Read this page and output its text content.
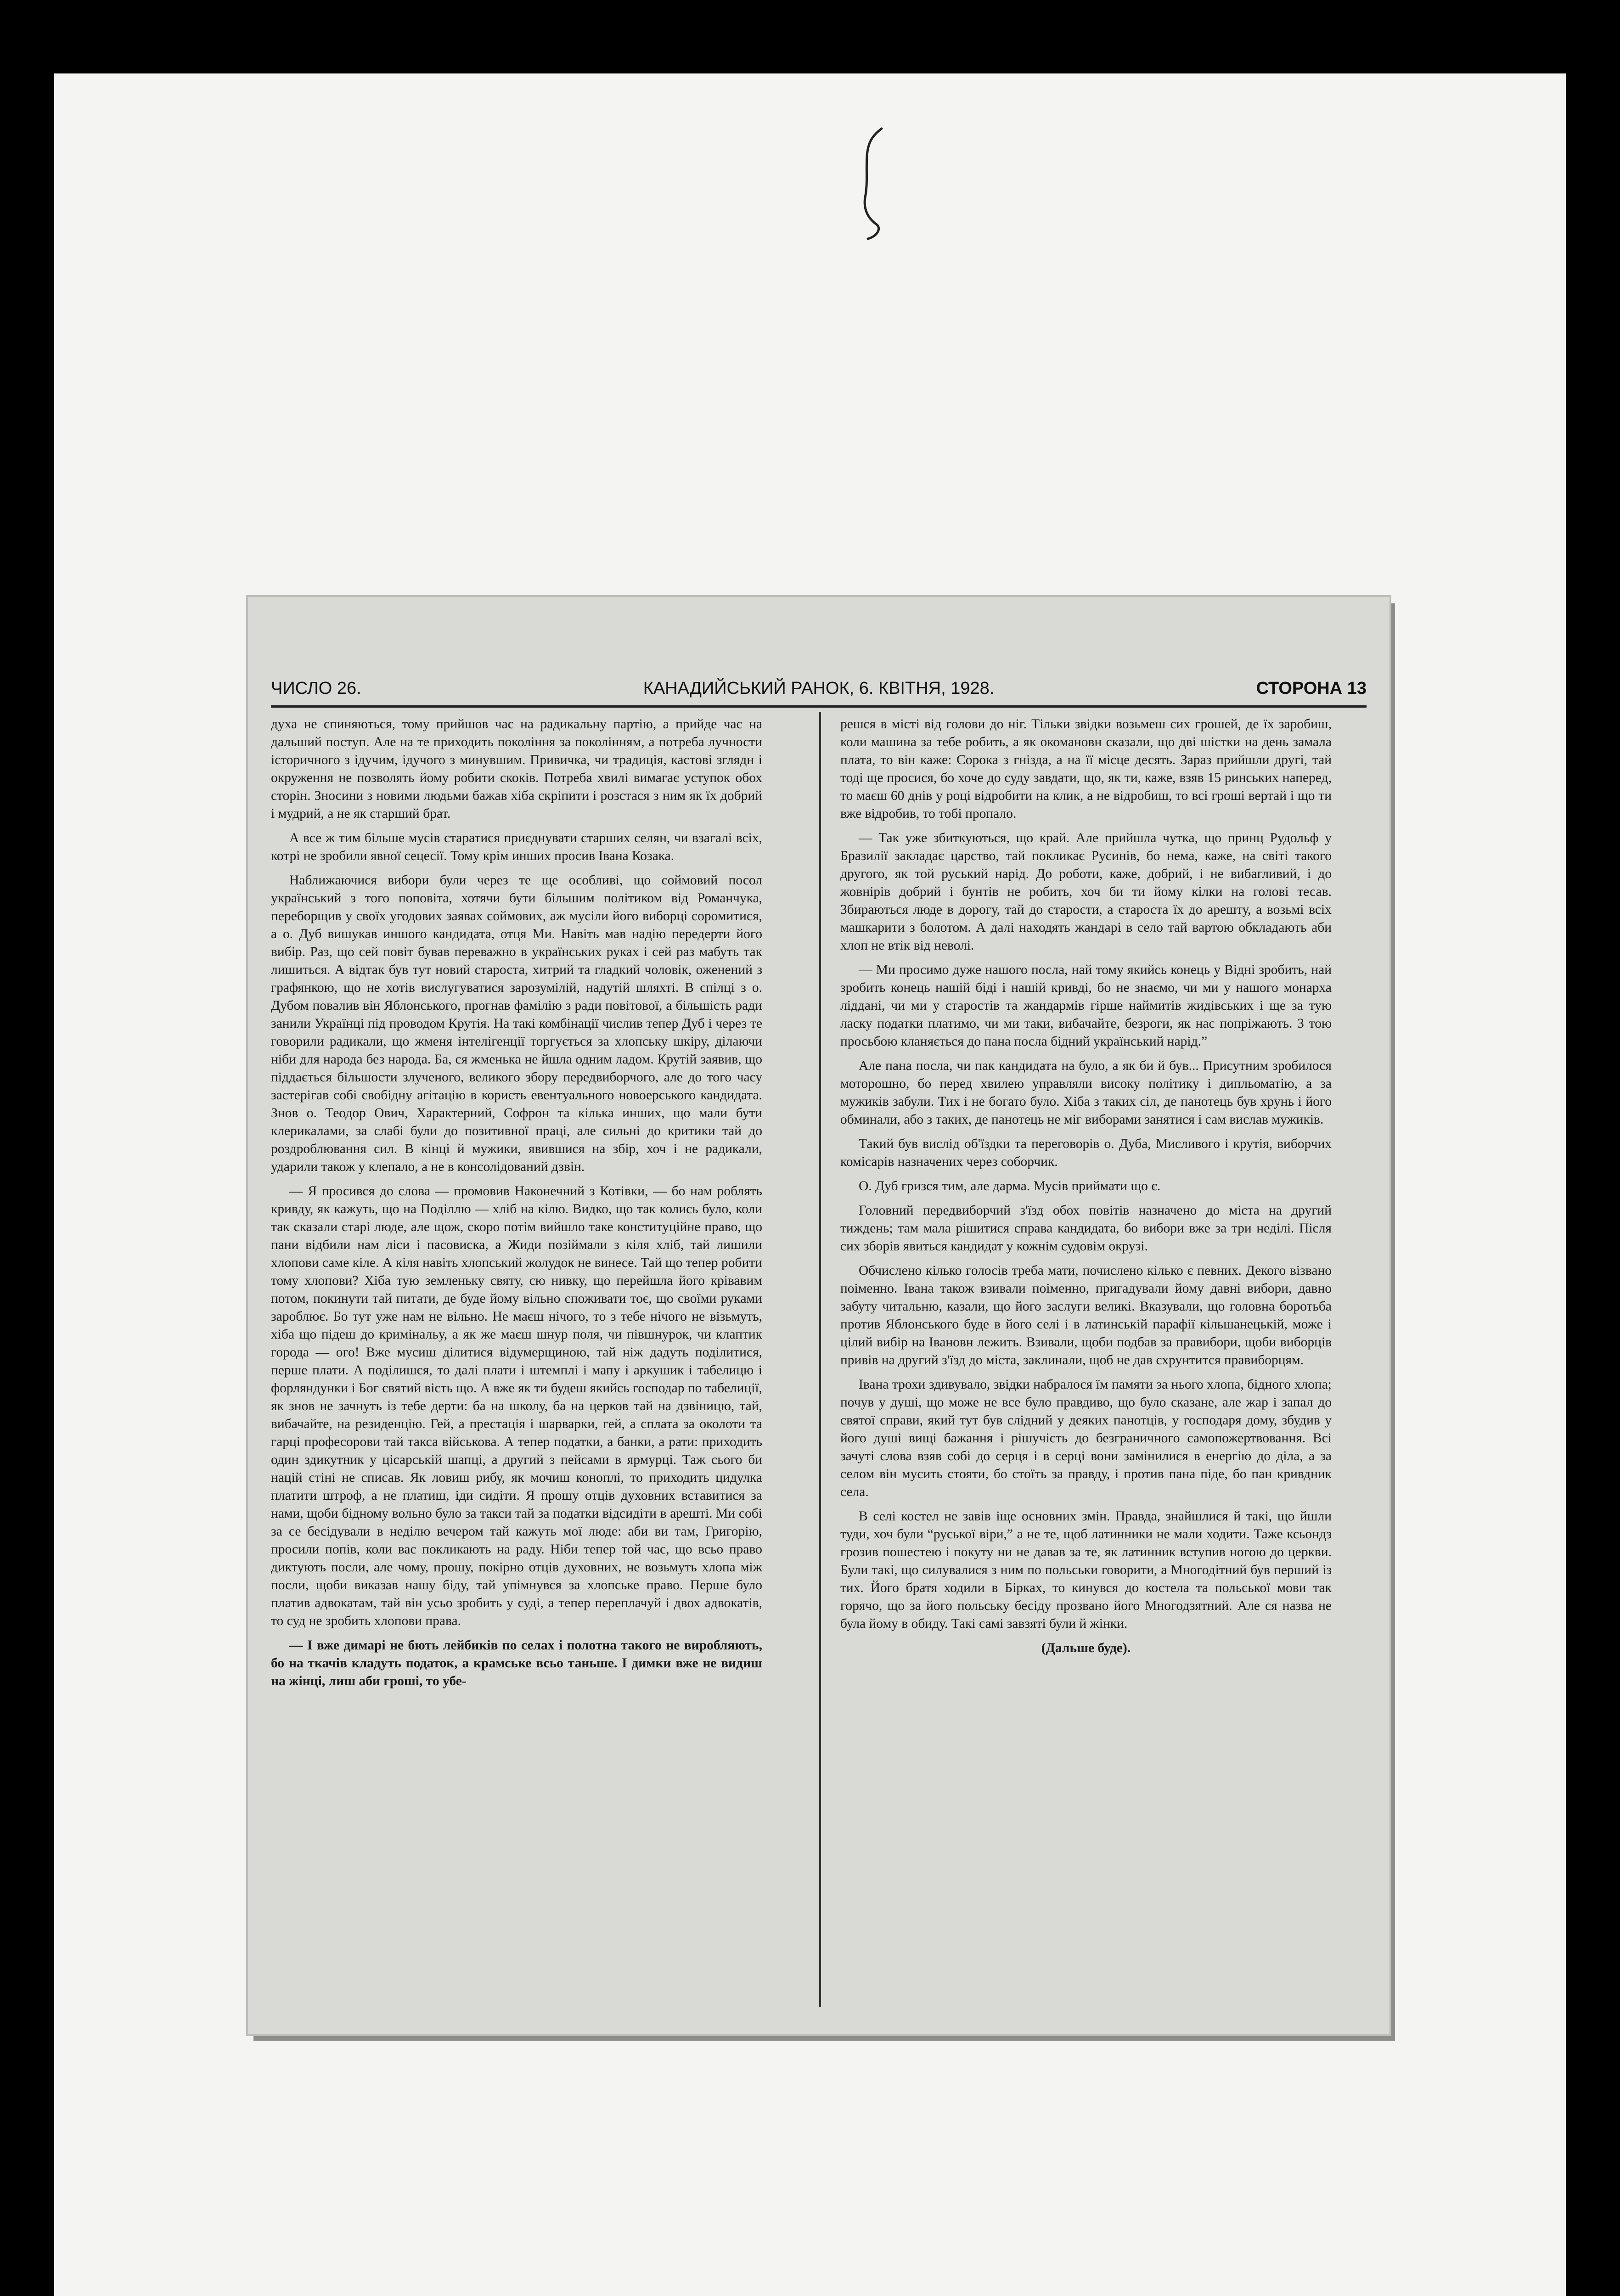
ЧИСЛО 26.	КАНАДИЙСЬКИЙ РАНОК, 6. КВІТНЯ, 1928.	СТОРОНА 13

духа не спиняються, тому прийшов час на радикальну партію, а прийде час на дальший поступ. Але на те приходить покоління за поколінням, а потреба лучности історичного з ідучим, ідучого з минувшим. Привичка, чи традиція, кастові зглядн і окруження не позволять йому робити скоків. Потреба хвилі вимагає уступок обох сторін. Зносини з новими людьми бажав хіба скріпити і розстася з ним як їх добрий і мудрий, а не як старший брат.

А все ж тим більше мусів старатися приєднувати старших селян, чи взагалі всіх, котрі не зробили явної сецесії. Тому крім инших просив Івана Козака.

Наближаючися вибори були через те ще особливі, що соймовий посол український з того поповіта, хотячи бути більшим політиком від Романчука, переборщив у своїх угодових заявах соймових, аж мусіли його виборці соромитися, а о. Дуб вишукав иншого кандидата, отця Ми. Навіть мав надію передерти його вибір. Раз, що сей повіт бував переважно в українських руках і сей раз мабуть так лишиться. А відтак був тут новий староста, хитрий та гладкий чоловік, оженений з графянкою, що не хотів вислугуватися зарозумілій, надутій шляхті. В спілці з о. Дубом повалив він Яблонського, прогнав фамілію з ради повітової, а більшість ради занили Українці під проводом Крутія. На такі комбінації числив тепер Дуб і через те говорили радикали, що жменя інтелігенції торгується за хлопську шкіру, ділаючи ніби для народа без народа. Ба, ся жменька не йшла одним ладом. Крутій заявив, що піддається більшости злученого, великого збору передвиборчого, але до того часу застерігав собі свобідну агітацію в користь евентуального новоерського кандидата. Знов о. Теодор Ович, Характерний, Софрон та кілька инших, що мали бути клерикалами, за слабі були до позитивної праці, але сильні до критики тай до роздроблювання сил. В кінці й мужики, явившися на збір, хоч і не радикали, ударили також у клепало, а не в консолідований дзвін.

— Я просився до слова — промовив Наконечний з Котівки, — бо нам роблять кривду, як кажуть, що на Поділлю — хліб на кілю. Видко, що так колись було, коли так сказали старі люде, але щож, скоро потім вийшло таке конституційне право, що пани відбили нам ліси і пасовиска, а Жиди позіймали з кіля хліб, тай лишили хлопови саме кіле. А кіля навіть хлопський жолудок не винесе. Тай що тепер робити тому хлопови? Хіба тую земленьку святу, сю нивку, що перейшла його крівавим потом, покинути тай питати, де буде йому вільно споживати тоє, що своїми руками зароблює. Бо тут уже нам не вільно. Не маєш нічого, то з тебе нічого не візьмуть, хіба що підеш до кримінальу, а як же маєш шнур поля, чи півшнурок, чи клаптик города — ого! Вже мусиш ділитися відумерщиною, тай ніж дадуть поділитися, перше плати. А поділишся, то далі плати і штемплі і мапу і аркушик і табелицю і форляндунки і Бог святий вість що. А вже як ти будеш якийсь господар по табелиції, як знов не зачнуть із тебе дерти: ба на школу, ба на церков тай на дзвіницю, тай, вибачайте, на резиденцію. Гей, а престація і шарварки, гей, а сплата за околоти та гарці професорови тай такса військова. А тепер податки, а банки, а рати: приходить один здикутник у цісарській шапці, а другий з пейсами в ярмурці. Таж сього би націй стіні не списав. Як ловиш рибу, як мочиш коноплі, то приходить цидулка платити штроф, а не платиш, іди сидіти. Я прошу отців духовних вставитися за нами, щоби бідному вольно було за такси тай за податки відсидіти в арешті. Ми собі за се бесідували в неділю вечером тай кажуть мої люде: аби ви там, Григорію, просили попів, коли вас покликають на раду. Ніби тепер той час, що всьо право диктують посли, але чому, прошу, покірно отців духовних, не возьмуть хлопа між посли, щоби виказав нашу біду, тай упімнувся за хлопське право. Перше було платив адвокатам, тай він усьо зробить у суді, а тепер переплачуй і двох адвокатів, то суд не зробить хлопови права.

— І вже димарі не бють лейбиків по селах і полотна такого не виробляють, бо на ткачів кладуть податок, а крамське всьо таньше. І димки вже не видиш на жінці, лиш аби гроші, то убе-

решся в місті від голови до ніг. Тільки звідки возьмеш сих грошей, де їх заробиш, коли машина за тебе робить, а як окомановн сказали, що дві шістки на день замала плата, то він каже: Сорока з гнізда, а на її місце десять. Зараз прийшли другі, тай тоді ще просися, бо хоче до суду завдати, що, як ти, каже, взяв 15 ринських наперед, то маєш 60 днів у році відробити на клик, а не відробиш, то всі гроші вертай і що ти вже відробив, то тобі пропало.

— Так уже збиткуються, що край. Але прийшла чутка, що принц Рудольф у Бразилії закладає царство, тай покликає Русинів, бо нема, каже, на світі такого другого, як той руський нарід. До роботи, каже, добрий, і не вибагливий, і до жовнірів добрий і бунтів не робить, хоч би ти йому кілки на голові тесав. Збираються люде в дорогу, тай до старости, а староста їх до арешту, а возьмі всіх машкарити з болотом. А далі находять жандарі в село тай вартою обкладають аби хлоп не втік від неволі.

— Ми просимо дуже нашого посла, най тому якийсь конець у Відні зробить, най зробить конець нашій біді і нашій кривді, бо не знаємо, чи ми у нашого монарха ліддані, чи ми у старостів та жандармів гірше наймитів жидівських і ще за тую ласку податки платимо, чи ми таки, вибачайте, безроги, як нас попріжають. З тою просьбою кланяється до пана посла бідний український нарід.”

Але пана посла, чи пак кандидата на було, а як би й був... Присутним зробилося моторошно, бо перед хвилею управляли високу політику і дипльоматію, а за мужиків забули. Тих і не богато було. Хіба з таких сіл, де панотець був хрунь і його обминали, або з таких, де панотець не міг виборами занятися і сам вислав мужиків.

Такий був вислід об'їздки та переговорів о. Дуба, Мисливого і крутія, виборчих комісарів назначених через соборчик.

О. Дуб гризся тим, але дарма. Мусів приймати що є.

Головний передвиборчий з'їзд обох повітів назначено до міста на другий тиждень; там мала рішитися справа кандидата, бо вибори вже за три неділі. Після сих зборів явиться кандидат у кожнім судовім окрузі.

Обчислено кілько голосів треба мати, почислено кілько є певних. Декого візвано поіменно. Івана також взивали поіменно, пригадували йому давні вибори, давно забуту читальню, казали, що його заслуги великі. Вказували, що головна боротьба против Яблонського буде в його селі і в латинській парафії кільшанецькій, може і цілий вибір на Івановн лежить. Взивали, щоби подбав за правибори, щоби виборців привів на другий з'їзд до міста, заклинали, щоб не дав схрунтится правиборцям.

Івана трохи здивувало, звідки набралося їм памяти за нього хлопа, бідного хлопа; почув у душі, що може не все було правдиво, що було сказане, але жар і запал до святої справи, який тут був слідний у деяких панотців, у господаря дому, збудив у його душі вищі бажання і рішучість до безграничного самопожертвовання. Всі зачуті слова взяв собі до серця і в серці вони замінилися в енергію до діла, а за селом він мусить стояти, бо стоїть за правду, і против пана піде, бо пан кривдник села.

В селі костел не завів іще основних змін. Правда, знайшлися й такі, що йшли туди, хоч були “руської віри,” а не те, щоб латинники не мали ходити. Таже ксьондз грозив пошестею і покуту ни не давав за те, як латинник вступив ногою до церкви. Були такі, що силувалися з ним по польськи говорити, а Многодітний був перший із тих. Його братя ходили в Бірках, то кинувся до костела та польської мови так горячо, що за його польську бесіду прозвано його Многодзятний. Але ся назва не була йому в обиду. Такі самі завзяті були й жінки.

(Дальше буде).
